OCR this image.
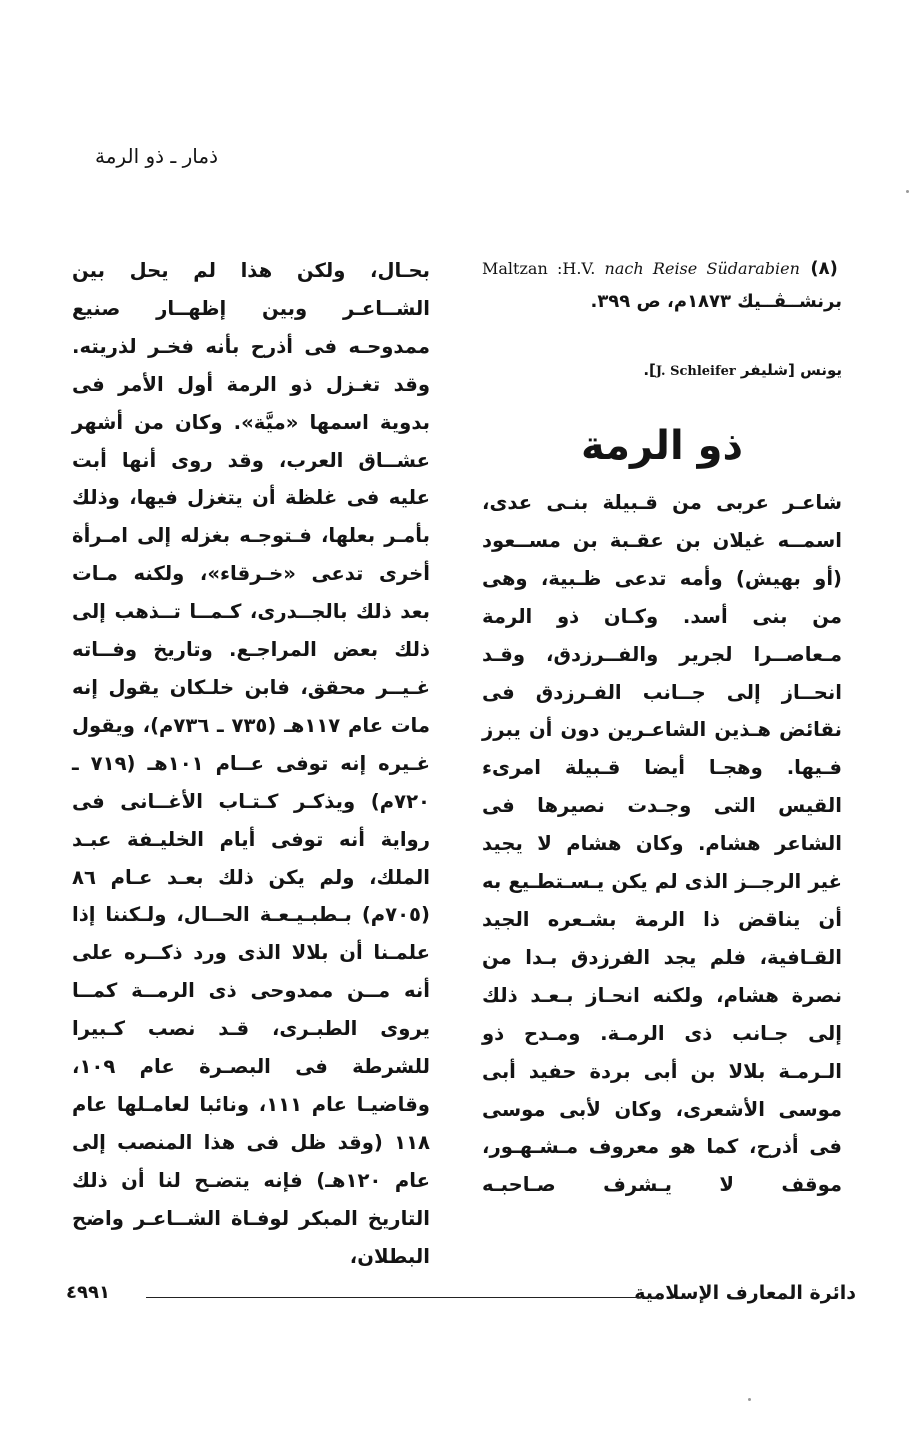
ذمار ـ ذو الرمة

(٨) Maltzan :H.V. nach Reise Südarabien برنشــڤــيك ١٨٧٣م، ص ٣٩٩.

يونس [شليفر J. Schleifer].

ذو الرمة

شاعـر عربى من قـبيلة بنـى عدى، اسمــه غيلان بن عقـبة بن مســعود (أو بهيش) وأمه تدعى ظـبية، وهى من بنى أسد. وكـان ذو الرمة مـعاصــرا لجرير والفــرزدق، وقـد انحــاز إلى جــانب الفـرزدق فى نقائض هـذين الشاعـرين دون أن يبرز فـيها. وهجـا أيضا قـبيلة امرىء القيس التى وجـدت نصيرها فى الشاعر هشام. وكان هشام لا يجيد غير الرجــز الذى لم يكن يـسـتطـيع به أن يناقض ذا الرمة بشـعره الجيد القـافية، فلم يجد الفرزدق بـدا من نصرة هشام، ولكنه انحـاز بـعـد ذلك إلى جـانب ذى الرمـة. ومـدح ذو الـرمـة بلالا بن أبى بردة حفيد أبى موسى الأشعرى، وكان لأبى موسى فى أذرح، كما هو معروف مـشـهـور، موقف لا يـشرف صـاحبـه

بحـال، ولكن هذا لم يحل بين الشــاعـر وبين إظهــار صنيع ممدوحـه فى أذرح بأنه فخـر لذريته. وقد تغـزل ذو الرمة أول الأمر فى بدوية اسمها «ميَّة». وكان من أشهر عشــاق العرب، وقد روى أنها أبت عليه فى غلظة أن يتغزل فيها، وذلك بأمـر بعلها، فـتوجـه بغزله إلى امـرأة أخرى تدعى «خـرقاء»، ولكنه مـات بعد ذلك بالجــدرى، كـمــا تــذهب إلى ذلك بعض المراجـع. وتاريخ وفــاته غـيــر محقق، فابن خلـكان يقول إنه مات عام ١١٧هـ (٧٣٥ ـ ٧٣٦م)، ويقول غـيره إنه توفى عــام ١٠١هـ (٧١٩ ـ ٧٢٠م) ويذكـر كـتـاب الأغــانى فى رواية أنه توفى أيام الخليـفة عبـد الملك، ولم يكن ذلك بعـد عـام ٨٦ (٧٠٥م) بـطبـيـعـة الحــال، ولـكننا إذا علمـنا أن بلالا الذى ورد ذكــره على أنه مــن ممدوحى ذى الرمــة كمــا يروى الطبـرى، قـد نصب كـبيرا للشرطة فى البصـرة عام ١٠٩، وقاضيـا عام ١١١، ونائبا لعامـلها عام ١١٨ (وقد ظل فى هذا المنصب إلى عام ١٢٠هـ) فإنه يتضـح لنا أن ذلك التاريخ المبكر لوفـاة الشــاعـر واضح البطلان،

دائرة المعارف الإسلامية
٤٩٩١
